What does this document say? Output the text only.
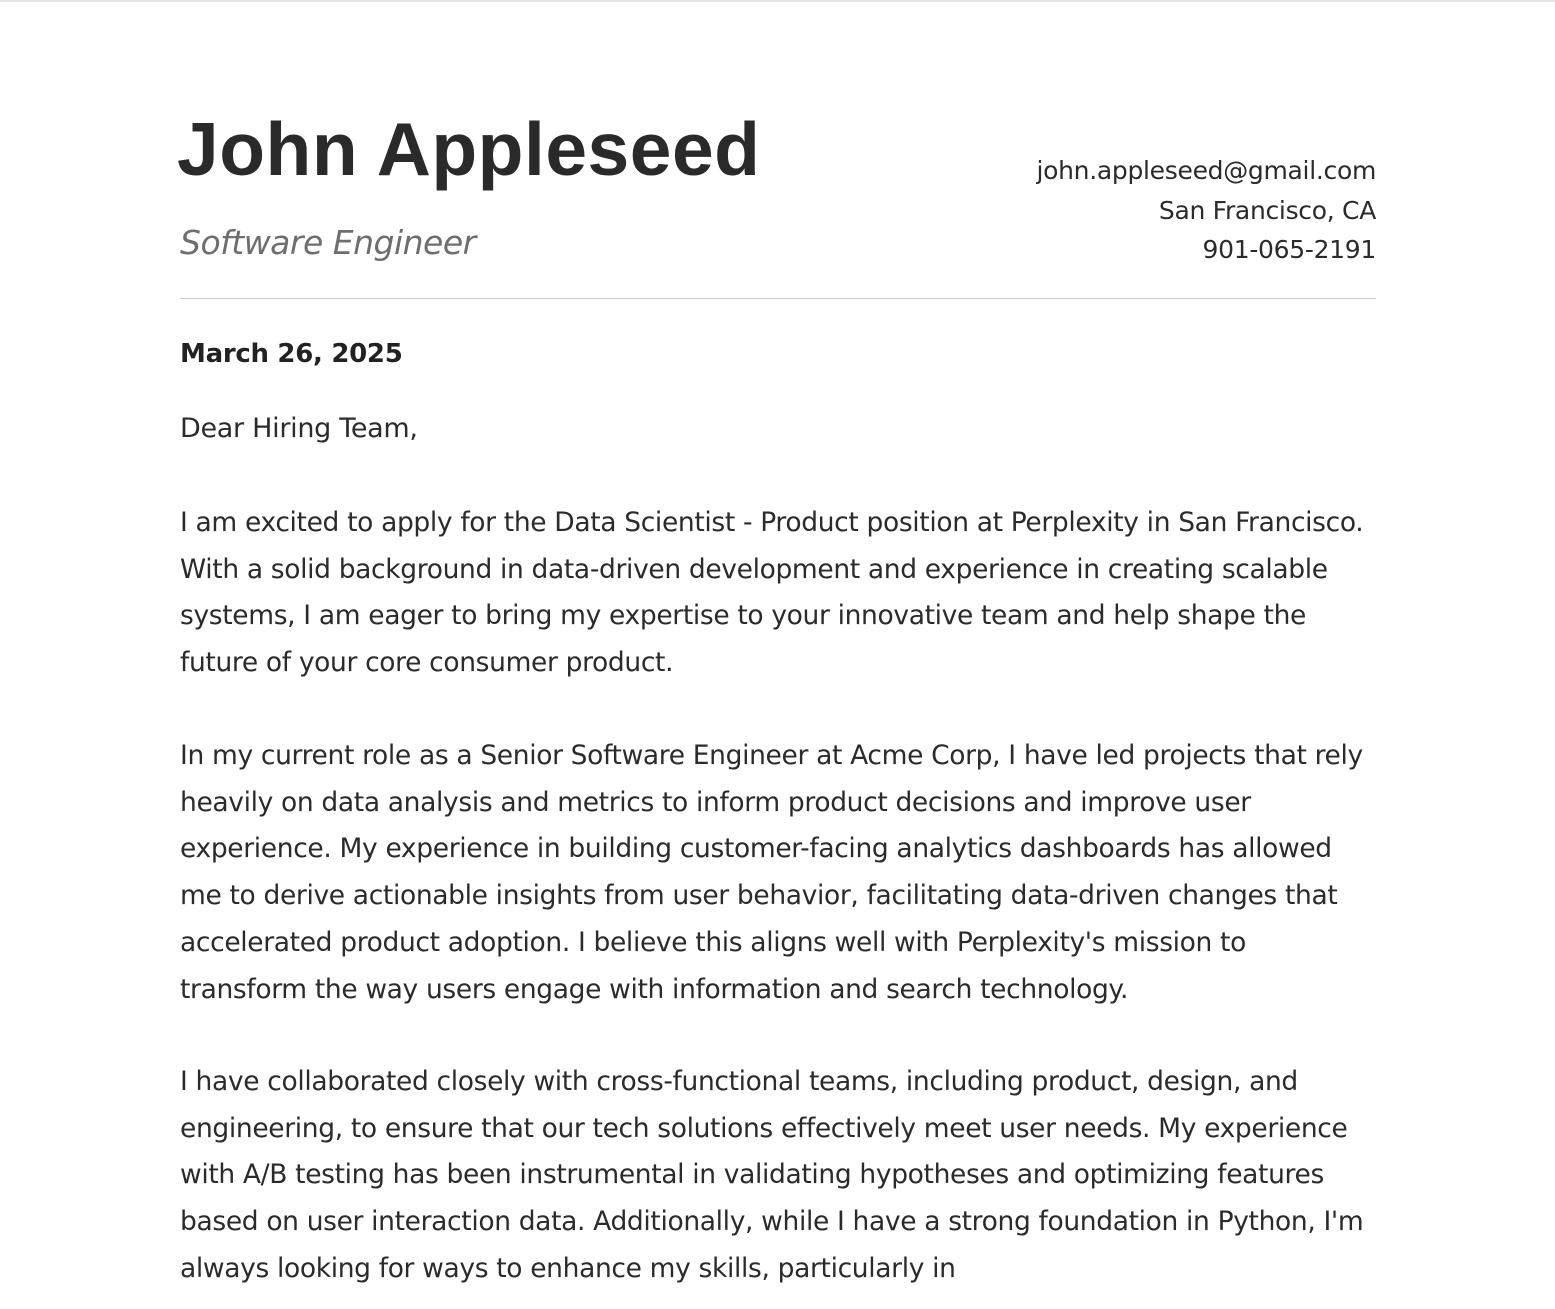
John Appleseed
Software Engineer
john.appleseed@gmail.com
San Francisco, CA
901-065-2191
March 26, 2025
Dear Hiring Team,

I am excited to apply for the Data Scientist - Product position at Perplexity in San Francisco. With a solid background in data-driven development and experience in creating scalable systems, I am eager to bring my expertise to your innovative team and help shape the future of your core consumer product.

In my current role as a Senior Software Engineer at Acme Corp, I have led projects that rely heavily on data analysis and metrics to inform product decisions and improve user experience. My experience in building customer-facing analytics dashboards has allowed me to derive actionable insights from user behavior, facilitating data-driven changes that accelerated product adoption. I believe this aligns well with Perplexity's mission to transform the way users engage with information and search technology.

I have collaborated closely with cross-functional teams, including product, design, and engineering, to ensure that our tech solutions effectively meet user needs. My experience with A/B testing has been instrumental in validating hypotheses and optimizing features based on user interaction data. Additionally, while I have a strong foundation in Python, I'm always looking for ways to enhance my skills, particularly in
